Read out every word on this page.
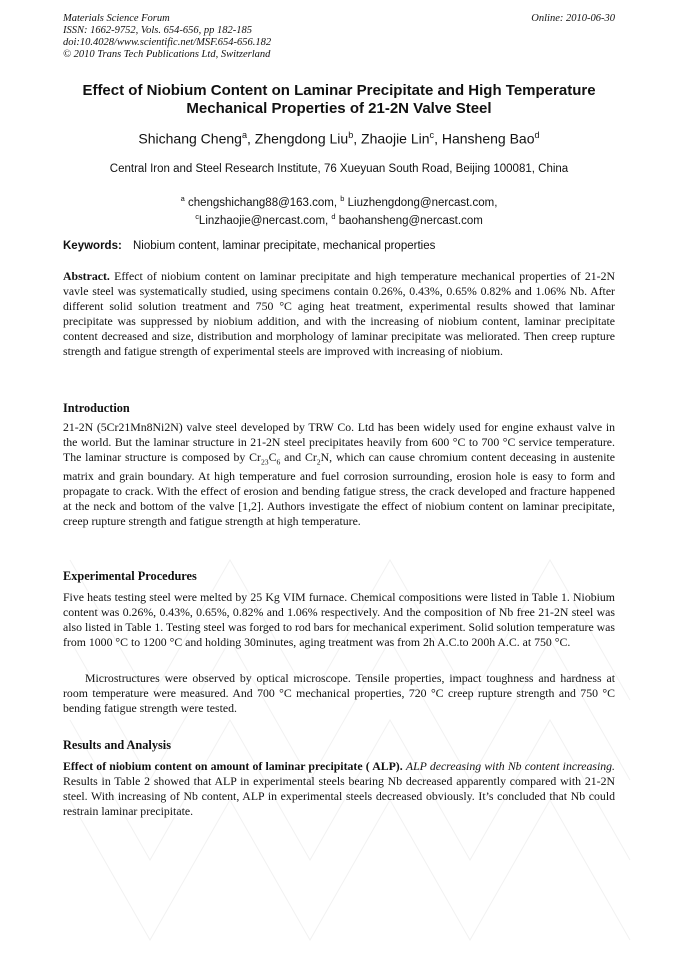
Materials Science Forum
ISSN: 1662-9752, Vols. 654-656, pp 182-185
doi:10.4028/www.scientific.net/MSF.654-656.182
© 2010 Trans Tech Publications Ltd, Switzerland
Online: 2010-06-30
Effect of Niobium Content on Laminar Precipitate and High Temperature Mechanical Properties of 21-2N Valve Steel
Shichang Cheng$^a$, Zhengdong Liu$^b$, Zhaojie Lin$^c$, Hansheng Bao$^d$
Central Iron and Steel Research Institute, 76 Xueyuan South Road, Beijing 100081, China
$^a$ chengshichang88@163.com, $^b$ Liuzhengdong@nercast.com,
$^c$Linzhaojie@nercast.com, $^d$ baohansheng@nercast.com
Keywords: Niobium content, laminar precipitate, mechanical properties
Abstract. Effect of niobium content on laminar precipitate and high temperature mechanical properties of 21-2N vavle steel was systematically studied, using specimens contain 0.26%, 0.43%, 0.65% 0.82% and 1.06% Nb. After different solid solution treatment and 750 °C aging heat treatment, experimental results showed that laminar precipitate was suppressed by niobium addition, and with the increasing of niobium content, laminar precipitate content decreased and size, distribution and morphology of laminar precipitate was meliorated. Then creep rupture strength and fatigue strength of experimental steels are improved with increasing of niobium.
Introduction
21-2N (5Cr21Mn8Ni2N) valve steel developed by TRW Co. Ltd has been widely used for engine exhaust valve in the world. But the laminar structure in 21-2N steel precipitates heavily from 600 °C to 700 °C service temperature. The laminar structure is composed by $Cr_{23}C_6$ and $Cr_2N$, which can cause chromium content deceasing in austenite matrix and grain boundary. At high temperature and fuel corrosion surrounding, erosion hole is easy to form and propagate to crack. With the effect of erosion and bending fatigue stress, the crack developed and fracture happened at the neck and bottom of the valve [1,2]. Authors investigate the effect of niobium content on laminar precipitate, creep rupture strength and fatigue strength at high temperature.
Experimental Procedures
Five heats testing steel were melted by 25 Kg VIM furnace. Chemical compositions were listed in Table 1. Niobium content was 0.26%, 0.43%, 0.65%, 0.82% and 1.06% respectively. And the composition of Nb free 21-2N steel was also listed in Table 1. Testing steel was forged to rod bars for mechanical experiment. Solid solution temperature was from 1000 °C to 1200 °C and holding 30minutes, aging treatment was from 2h A.C.to 200h A.C. at 750 °C.
Microstructures were observed by optical microscope. Tensile properties, impact toughness and hardness at room temperature were measured. And 700 °C mechanical properties, 720 °C creep rupture strength and 750 °C bending fatigue strength were tested.
Results and Analysis
Effect of niobium content on amount of laminar precipitate ( ALP). ALP decreasing with Nb content increasing. Results in Table 2 showed that ALP in experimental steels bearing Nb decreased apparently compared with 21-2N steel. With increasing of Nb content, ALP in experimental steels decreased obviously. It’s concluded that Nb could restrain laminar precipitate.
